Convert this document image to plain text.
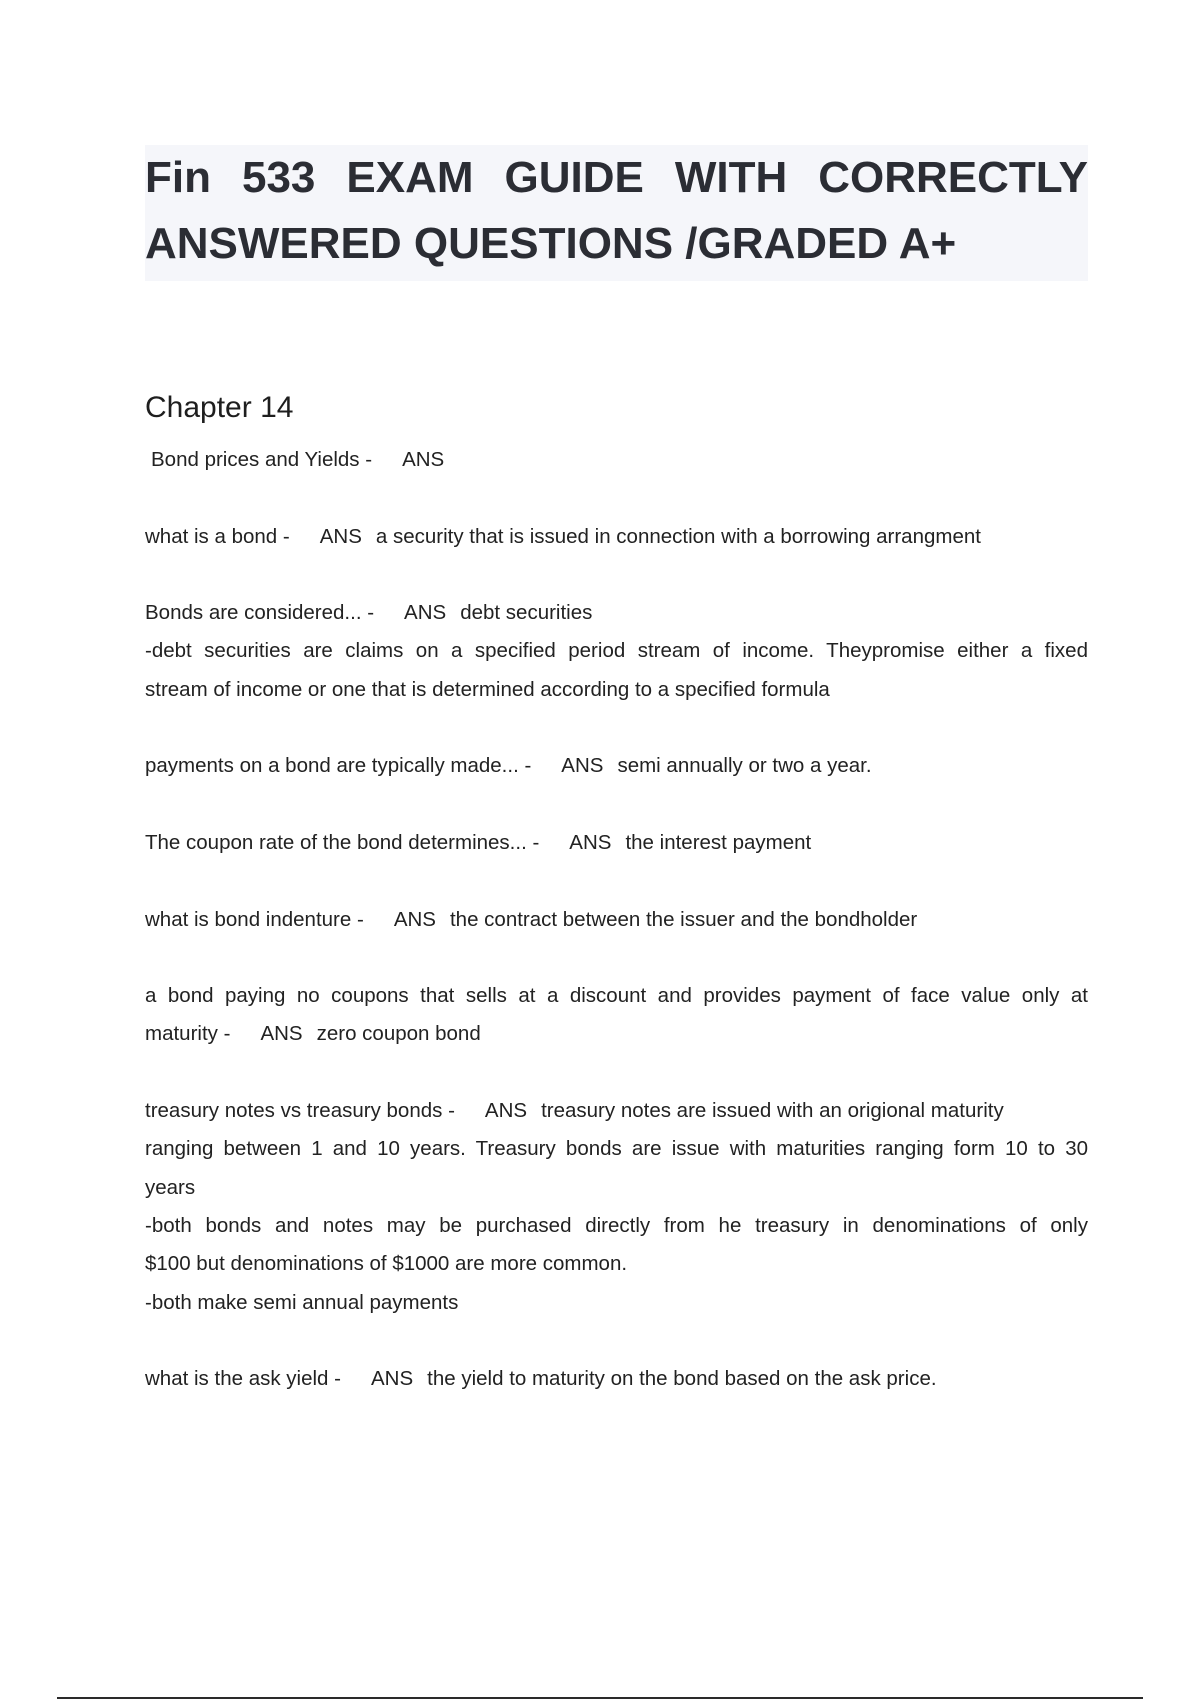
Fin 533 EXAM GUIDE WITH CORRECTLY
ANSWERED QUESTIONS /GRADED A+
Chapter 14
Bond prices and Yields - ANS
what is a bond - ANS a security that is issued in connection with a borrowing arrangment
Bonds are considered... - ANS debt securities
-debt securities are claims on a specified period stream of income. Theypromise either a fixed
stream of income or one that is determined according to a specified formula
payments on a bond are typically made... - ANS semi annually or two a year.
The coupon rate of the bond determines... - ANS the interest payment
what is bond indenture - ANS the contract between the issuer and the bondholder
a bond paying no coupons that sells at a discount and provides payment of face value only at
maturity - ANS zero coupon bond
treasury notes vs treasury bonds - ANS treasury notes are issued with an origional maturity
ranging between 1 and 10 years. Treasury bonds are issue with maturities ranging form 10 to 30
years
-both bonds and notes may be purchased directly from he treasury in denominations of only
$100 but denominations of $1000 are more common.
-both make semi annual payments
what is the ask yield - ANS the yield to maturity on the bond based on the ask price.
